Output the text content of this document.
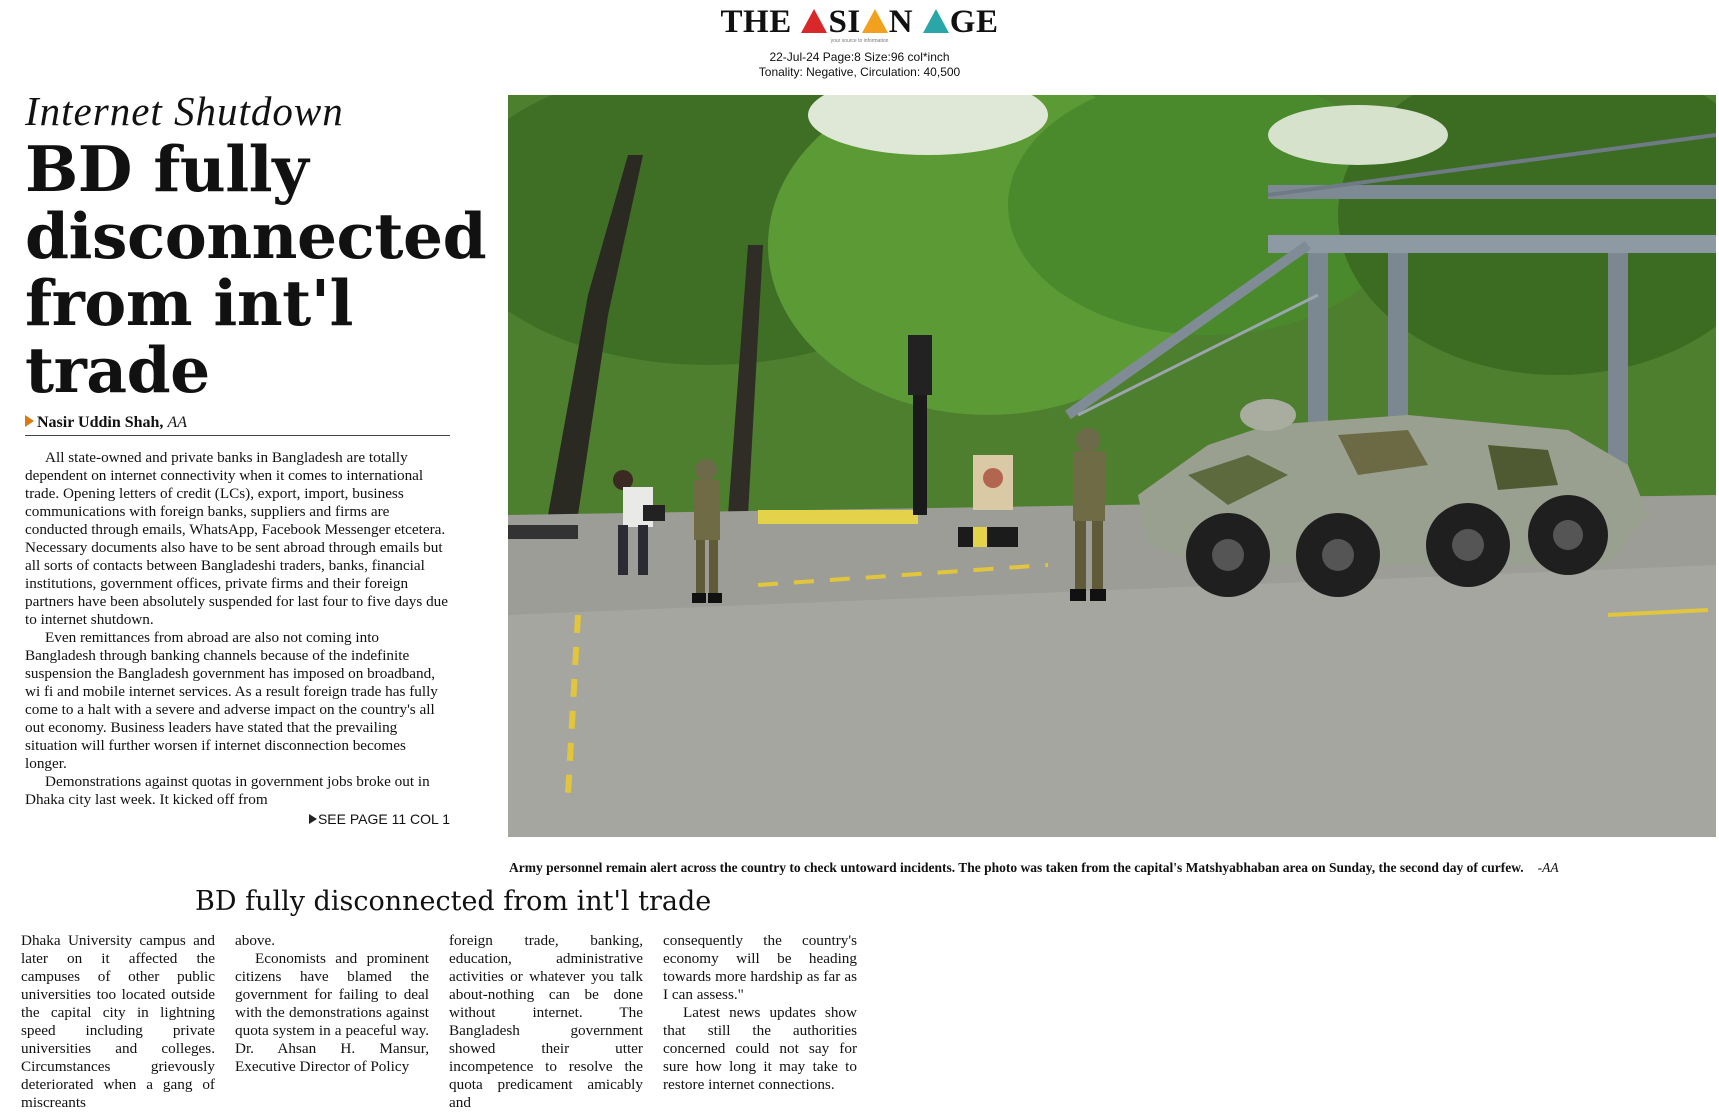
THE SI N GE
your source to information
22-Jul-24 Page:8 Size:96 col*inch
Tonality: Negative, Circulation: 40,500
Internet Shutdown
BD fully disconnected from int'l trade
Nasir Uddin Shah, AA

All state-owned and private banks in Bangladesh are totally dependent on internet connectivity when it comes to international trade. Opening letters of credit (LCs), export, import, business communications with foreign banks, suppliers and firms are conducted through emails, WhatsApp, Facebook Messenger etcetera. Necessary documents also have to be sent abroad through emails but all sorts of contacts between Bangladeshi traders, banks, financial institutions, government offices, private firms and their foreign partners have been absolutely suspended for last four to five days due to internet shutdown.

Even remittances from abroad are also not coming into Bangladesh through banking channels because of the indefinite suspension the Bangladesh government has imposed on broadband, wi fi and mobile internet services. As a result foreign trade has fully come to a halt with a severe and adverse impact on the country's all out economy. Business leaders have stated that the prevailing situation will further worsen if internet disconnection becomes longer.

Demonstrations against quotas in government jobs broke out in Dhaka city last week. It kicked off from

SEE PAGE 11 COL 1
Army personnel remain alert across the country to check untoward incidents. The photo was taken from the capital's Matshyabhaban area on Sunday, the second day of curfew. -AA
BD fully disconnected from int'l trade

Dhaka University campus and later on it affected the campuses of other public universities too located outside the capital city in lightning speed including private universities and colleges. Circumstances grievously deteriorated when a gang of miscreants

above.

Economists and prominent citizens have blamed the government for failing to deal with the demonstrations against quota system in a peaceful way. Dr. Ahsan H. Mansur, Executive Director of Policy

foreign trade, banking, education, administrative activities or whatever you talk about-nothing can be done without internet. The Bangladesh government showed their utter incompetence to resolve the quota predicament amicably and

consequently the country's economy will be heading towards more hardship as far as I can assess."

Latest news updates show that still the authorities concerned could not say for sure how long it may take to restore internet connections.
